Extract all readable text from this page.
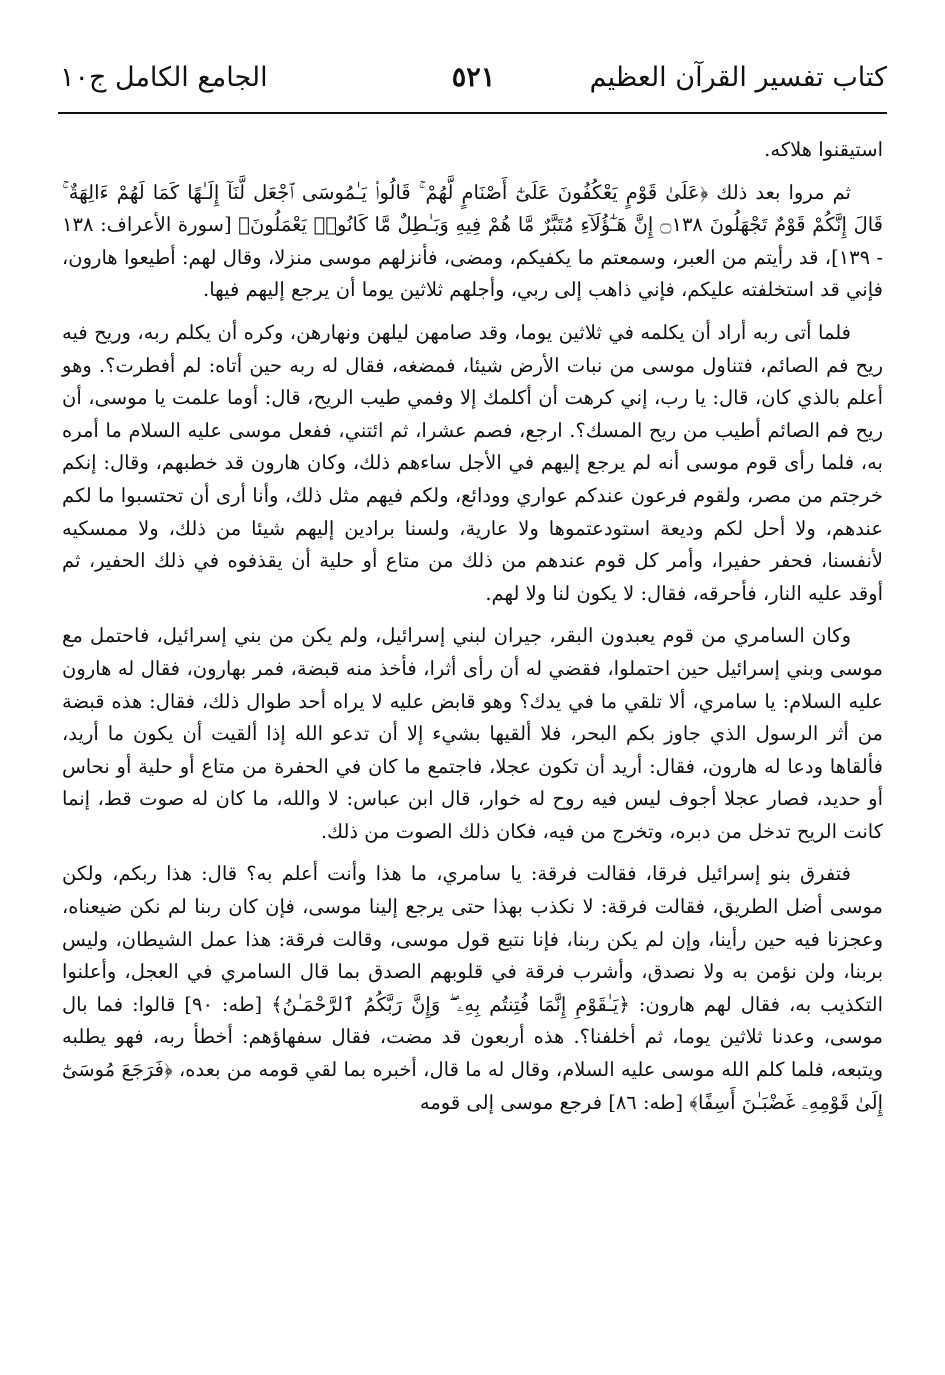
كتاب تفسير القرآن العظيم
٥٢١
الجامع الكامل ج١٠

استيقنوا هلاكه.

ثم مروا بعد ذلك ﴿عَلَىٰ قَوْمٍ يَعْكُفُونَ عَلَىٰٓ أَصْنَامٍ لَّهُمْ ۚ قَالُوا۟ يَـٰمُوسَى ٱجْعَل لَّنَآ إِلَـٰهًا كَمَا لَهُمْ ءَالِهَةٌ ۚ قَالَ إِنَّكُمْ قَوْمٌ تَجْهَلُونَ ۝١٣٨ إِنَّ هَـٰٓؤُلَآءِ مُتَبَّرٌ مَّا هُمْ فِيهِ وَبَـٰطِلٌ مَّا كَانُوا۟ يَعْمَلُونَ﴾ [سورة الأعراف: ١٣٨ - ١٣٩]، قد رأيتم من العبر، وسمعتم ما يكفيكم، ومضى، فأنزلهم موسى منزلا، وقال لهم: أطيعوا هارون، فإني قد استخلفته عليكم، فإني ذاهب إلى ربي، وأجلهم ثلاثين يوما أن يرجع إليهم فيها.

فلما أتى ربه أراد أن يكلمه في ثلاثين يوما، وقد صامهن ليلهن ونهارهن، وكره أن يكلم ربه، وريح فيه ريح فم الصائم، فتناول موسى من نبات الأرض شيئا، فمضغه، فقال له ربه حين أتاه: لم أفطرت؟. وهو أعلم بالذي كان، قال: يا رب، إني كرهت أن أكلمك إلا وفمي طيب الريح، قال: أوما علمت يا موسى، أن ريح فم الصائم أطيب من ريح المسك؟. ارجع، فصم عشرا، ثم ائتني، ففعل موسى عليه السلام ما أمره به، فلما رأى قوم موسى أنه لم يرجع إليهم في الأجل ساءهم ذلك، وكان هارون قد خطبهم، وقال: إنكم خرجتم من مصر، ولقوم فرعون عندكم عواري وودائع، ولكم فيهم مثل ذلك، وأنا أرى أن تحتسبوا ما لكم عندهم، ولا أحل لكم وديعة استودعتموها ولا عارية، ولسنا برادين إليهم شيئا من ذلك، ولا ممسكيه لأنفسنا، فحفر حفيرا، وأمر كل قوم عندهم من ذلك من متاع أو حلية أن يقذفوه في ذلك الحفير، ثم أوقد عليه النار، فأحرقه، فقال: لا يكون لنا ولا لهم.

وكان السامري من قوم يعبدون البقر، جيران لبني إسرائيل، ولم يكن من بني إسرائيل، فاحتمل مع موسى وبني إسرائيل حين احتملوا، فقضي له أن رأى أثرا، فأخذ منه قبضة، فمر بهارون، فقال له هارون عليه السلام: يا سامري، ألا تلقي ما في يدك؟ وهو قابض عليه لا يراه أحد طوال ذلك، فقال: هذه قبضة من أثر الرسول الذي جاوز بكم البحر، فلا ألقيها بشيء إلا أن تدعو الله إذا ألقيت أن يكون ما أريد، فألقاها ودعا له هارون، فقال: أريد أن تكون عجلا، فاجتمع ما كان في الحفرة من متاع أو حلية أو نحاس أو حديد، فصار عجلا أجوف ليس فيه روح له خوار، قال ابن عباس: لا والله، ما كان له صوت قط، إنما كانت الريح تدخل من دبره، وتخرج من فيه، فكان ذلك الصوت من ذلك.

فتفرق بنو إسرائيل فرقا، فقالت فرقة: يا سامري، ما هذا وأنت أعلم به؟ قال: هذا ربكم، ولكن موسى أضل الطريق، فقالت فرقة: لا نكذب بهذا حتى يرجع إلينا موسى، فإن كان ربنا لم نكن ضيعناه، وعجزنا فيه حين رأينا، وإن لم يكن ربنا، فإنا نتبع قول موسى، وقالت فرقة: هذا عمل الشيطان، وليس بربنا، ولن نؤمن به ولا نصدق، وأشرب فرقة في قلوبهم الصدق بما قال السامري في العجل، وأعلنوا التكذيب به، فقال لهم هارون: ﴿يَـٰقَوْمِ إِنَّمَا فُتِنتُم بِهِۦ ۖ وَإِنَّ رَبَّكُمُ ٱلرَّحْمَـٰنُ﴾ [طه: ٩٠] قالوا: فما بال موسى، وعدنا ثلاثين يوما، ثم أخلفنا؟. هذه أربعون قد مضت، فقال سفهاؤهم: أخطأ ربه، فهو يطلبه ويتبعه، فلما كلم الله موسى عليه السلام، وقال له ما قال، أخبره بما لقي قومه من بعده، ﴿فَرَجَعَ مُوسَىٰٓ إِلَىٰ قَوْمِهِۦ غَضْبَـٰنَ أَسِفًا﴾ [طه: ٨٦] فرجع موسى إلى قومه
